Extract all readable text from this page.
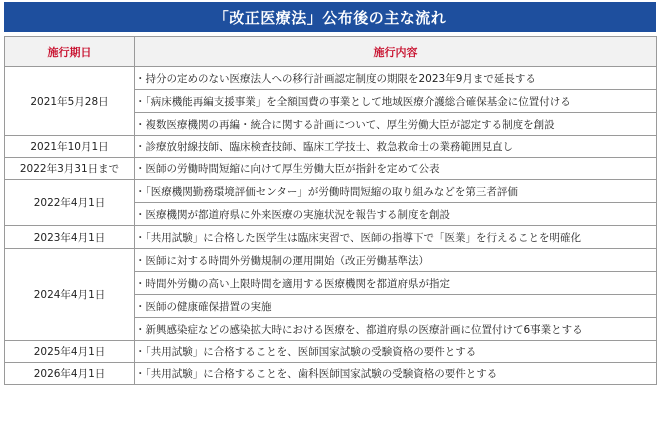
「改正医療法」公布後の主な流れ
施行期日	施行内容
2021年5月28日	・持分の定めのない医療法人への移行計画認定制度の期限を2023年9月まで延長する
	・「病床機能再編支援事業」を全額国費の事業として地域医療介護総合確保基金に位置付ける
	・複数医療機関の再編・統合に関する計画について、厚生労働大臣が認定する制度を創設
2021年10月1日	・診療放射線技師、臨床検査技師、臨床工学技士、救急救命士の業務範囲見直し
2022年3月31日まで	・医師の労働時間短縮に向けて厚生労働大臣が指針を定めて公表
2022年4月1日	・「医療機関勤務環境評価センター」が労働時間短縮の取り組みなどを第三者評価
	・医療機関が都道府県に外来医療の実施状況を報告する制度を創設
2023年4月1日	・「共用試験」に合格した医学生は臨床実習で、医師の指導下で「医業」を行えることを明確化
2024年4月1日	・医師に対する時間外労働規制の運用開始（改正労働基準法）
	・時間外労働の高い上限時間を適用する医療機関を都道府県が指定
	・医師の健康確保措置の実施
	・新興感染症などの感染拡大時における医療を、都道府県の医療計画に位置付けて6事業とする
2025年4月1日	・「共用試験」に合格することを、医師国家試験の受験資格の要件とする
2026年4月1日	・「共用試験」に合格することを、歯科医師国家試験の受験資格の要件とする
